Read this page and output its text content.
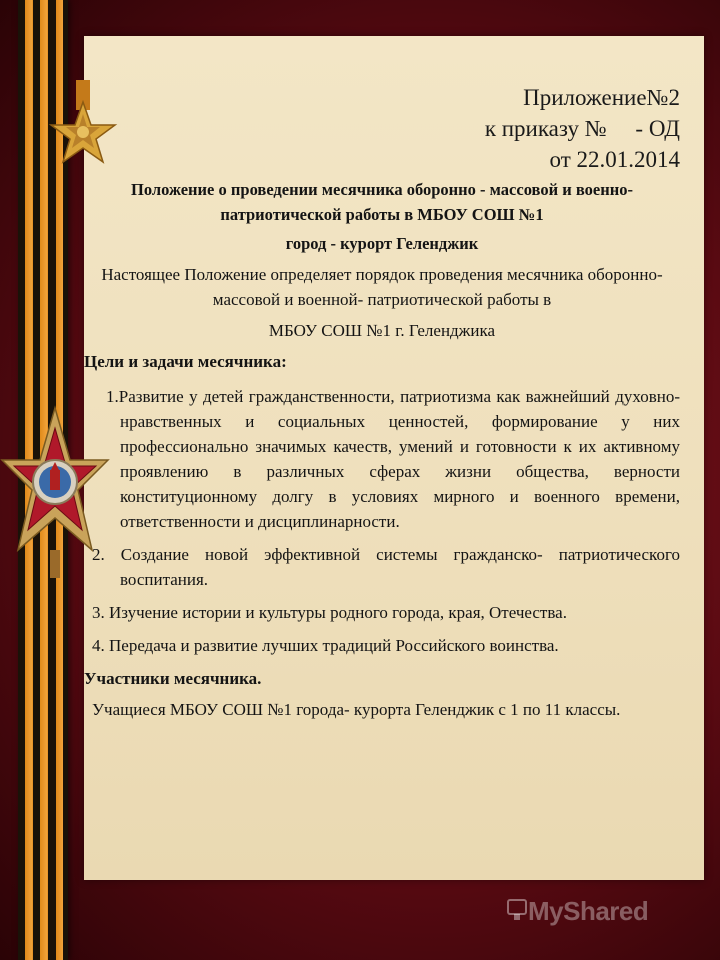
Приложение№2
к приказу №     - ОД
от 22.01.2014
Положение о проведении месячника оборонно - массовой и военно- патриотической работы в МБОУ СОШ №1
город - курорт Геленджик
Настоящее Положение определяет порядок проведения месячника оборонно-массовой и военной- патриотической работы в
МБОУ СОШ №1 г. Геленджика
Цели и задачи месячника:
1.Развитие у детей гражданственности, патриотизма как важнейший духовно- нравственных и социальных ценностей, формирование у них профессионально значимых качеств, умений и готовности к их активному проявлению в различных сферах жизни общества, верности конституционному долгу в условиях мирного и военного времени, ответственности и дисциплинарности.
2. Создание новой эффективной системы гражданско- патриотического воспитания.
3. Изучение истории и культуры родного города, края, Отечества.
4. Передача и развитие лучших традиций Российского воинства.
Участники месячника.
Учащиеся МБОУ СОШ №1 города- курорта Геленджик с 1 по 11 классы.
MyShared
